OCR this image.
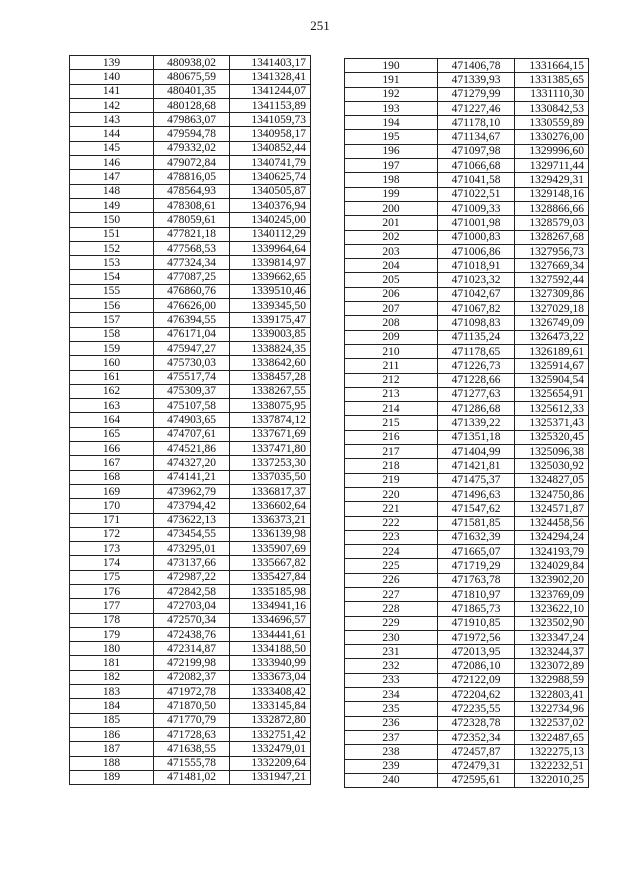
251
139	480938,02	1341403,17
140	480675,59	1341328,41
141	480401,35	1341244,07
142	480128,68	1341153,89
143	479863,07	1341059,73
144	479594,78	1340958,17
145	479332,02	1340852,44
146	479072,84	1340741,79
147	478816,05	1340625,74
148	478564,93	1340505,87
149	478308,61	1340376,94
150	478059,61	1340245,00
151	477821,18	1340112,29
152	477568,53	1339964,64
153	477324,34	1339814,97
154	477087,25	1339662,65
155	476860,76	1339510,46
156	476626,00	1339345,50
157	476394,55	1339175,47
158	476171,04	1339003,85
159	475947,27	1338824,35
160	475730,03	1338642,60
161	475517,74	1338457,28
162	475309,37	1338267,55
163	475107,58	1338075,95
164	474903,65	1337874,12
165	474707,61	1337671,69
166	474521,86	1337471,80
167	474327,20	1337253,30
168	474141,21	1337035,50
169	473962,79	1336817,37
170	473794,42	1336602,64
171	473622,13	1336373,21
172	473454,55	1336139,98
173	473295,01	1335907,69
174	473137,66	1335667,82
175	472987,22	1335427,84
176	472842,58	1335185,98
177	472703,04	1334941,16
178	472570,34	1334696,57
179	472438,76	1334441,61
180	472314,87	1334188,50
181	472199,98	1333940,99
182	472082,37	1333673,04
183	471972,78	1333408,42
184	471870,50	1333145,84
185	471770,79	1332872,80
186	471728,63	1332751,42
187	471638,55	1332479,01
188	471555,78	1332209,64
189	471481,02	1331947,21
190	471406,78	1331664,15
191	471339,93	1331385,65
192	471279,99	1331110,30
193	471227,46	1330842,53
194	471178,10	1330559,89
195	471134,67	1330276,00
196	471097,98	1329996,60
197	471066,68	1329711,44
198	471041,58	1329429,31
199	471022,51	1329148,16
200	471009,33	1328866,66
201	471001,98	1328579,03
202	471000,83	1328267,68
203	471006,86	1327956,73
204	471018,91	1327669,34
205	471023,32	1327592,44
206	471042,67	1327309,86
207	471067,82	1327029,18
208	471098,83	1326749,09
209	471135,24	1326473,22
210	471178,65	1326189,61
211	471226,73	1325914,67
212	471228,66	1325904,54
213	471277,63	1325654,91
214	471286,68	1325612,33
215	471339,22	1325371,43
216	471351,18	1325320,45
217	471404,99	1325096,38
218	471421,81	1325030,92
219	471475,37	1324827,05
220	471496,63	1324750,86
221	471547,62	1324571,87
222	471581,85	1324458,56
223	471632,39	1324294,24
224	471665,07	1324193,79
225	471719,29	1324029,84
226	471763,78	1323902,20
227	471810,97	1323769,09
228	471865,73	1323622,10
229	471910,85	1323502,90
230	471972,56	1323347,24
231	472013,95	1323244,37
232	472086,10	1323072,89
233	472122,09	1322988,59
234	472204,62	1322803,41
235	472235,55	1322734,96
236	472328,78	1322537,02
237	472352,34	1322487,65
238	472457,87	1322275,13
239	472479,31	1322232,51
240	472595,61	1322010,25
